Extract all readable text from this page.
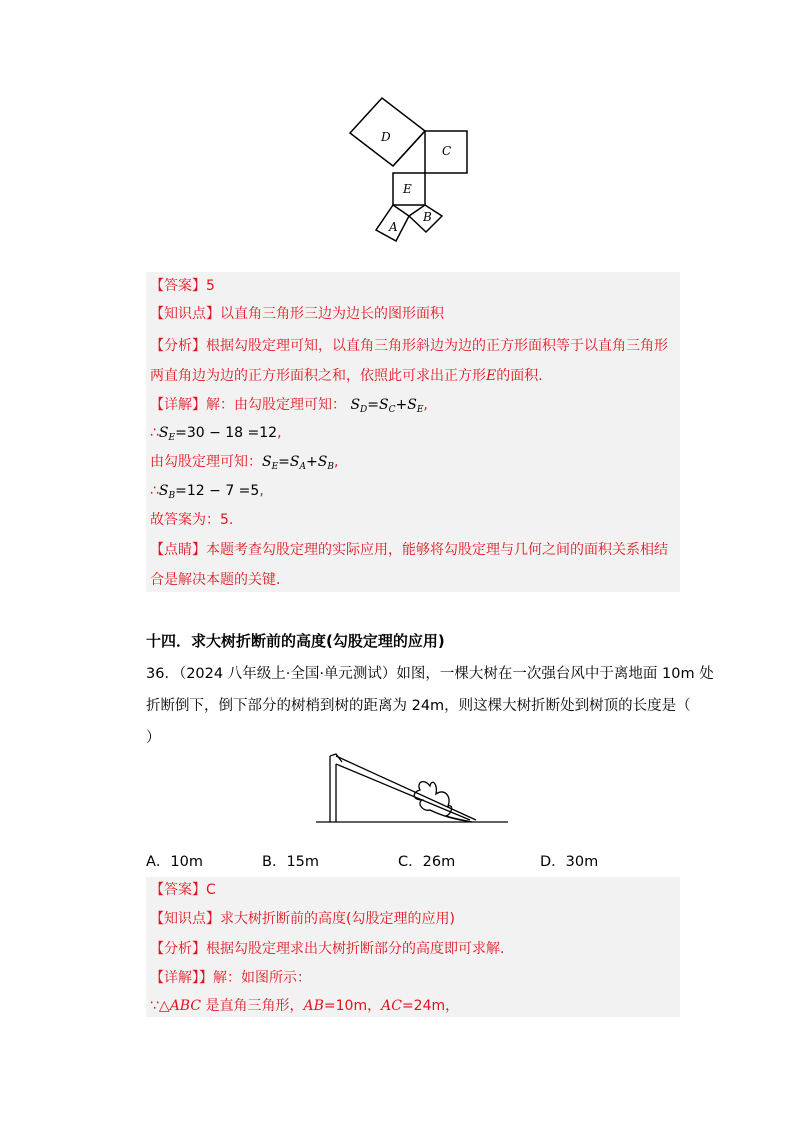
D
C
E
A
B
【答案】5
【知识点】以直角三角形三边为边长的图形面积
【分析】根据勾股定理可知，以直角三角形斜边为边的正方形面积等于以直角三角形
两直角边为边的正方形面积之和，依照此可求出正方形E的面积.
【详解】解：由勾股定理可知： $S_D=S_C+S_E$,
$\therefore S_E=30 - 18 =12$,
由勾股定理可知：$S_E=S_A+S_B$,
$\therefore S_B=12 - 7 =5$,
故答案为：5.
【点睛】本题考查勾股定理的实际应用，能够将勾股定理与几何之间的面积关系相结
合是解决本题的关键.
十四．求大树折断前的高度(勾股定理的应用)
36．（2024 八年级上·全国·单元测试）如图，一棵大树在一次强台风中于离地面 10m 处
折断倒下，倒下部分的树梢到树的距离为 24m，则这棵大树折断处到树顶的长度是（
）
A．10m	B．15m	C．26m	D．30m
【答案】C
【知识点】求大树折断前的高度(勾股定理的应用)
【分析】根据勾股定理求出大树折断部分的高度即可求解.
【详解】】解：如图所示：
∵△ABC 是直角三角形，AB=10m，AC=24m，
